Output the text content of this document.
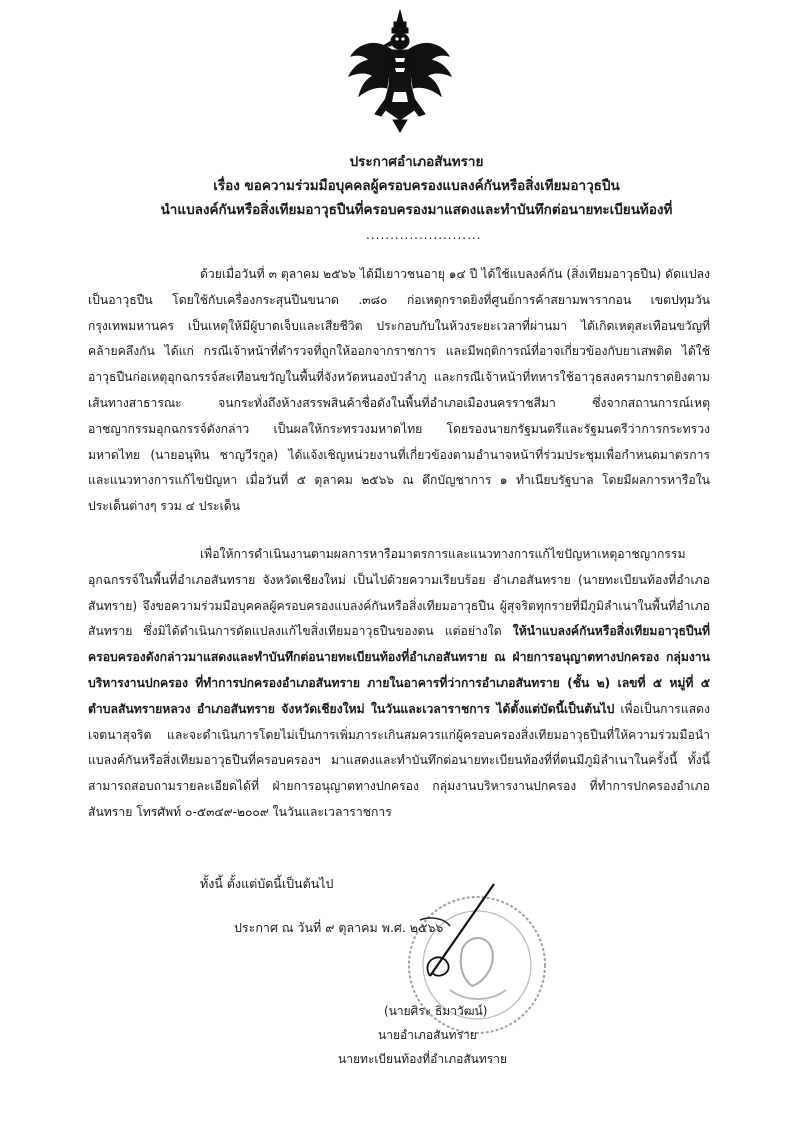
ประกาศอำเภอสันทราย
เรื่อง ขอความร่วมมือบุคคลผู้ครอบครองแบลงค์กันหรือสิ่งเทียมอาวุธปืน
นำแบลงค์กันหรือสิ่งเทียมอาวุธปืนที่ครอบครองมาแสดงและทำบันทึกต่อนายทะเบียนท้องที่
........................
ด้วยเมื่อวันที่ ๓ ตุลาคม ๒๕๖๖ ได้มีเยาวชนอายุ ๑๔ ปี ได้ใช้แบลงค์กัน (สิ่งเทียมอาวุธปืน) ดัดแปลงเป็นอาวุธปืน โดยใช้กับเครื่องกระสุนปืนขนาด .๓๘๐ ก่อเหตุกราดยิงที่ศูนย์การค้าสยามพารากอน เขตปทุมวัน กรุงเทพมหานคร เป็นเหตุให้มีผู้บาดเจ็บและเสียชีวิต ประกอบกับในห้วงระยะเวลาที่ผ่านมา ได้เกิดเหตุสะเทือนขวัญที่คล้ายคลึงกัน ได้แก่ กรณีเจ้าหน้าที่ตำรวจที่ถูกให้ออกจากราชการ และมีพฤติการณ์ที่อาจเกี่ยวข้องกับยาเสพติด ได้ใช้อาวุธปืนก่อเหตุอุกฉกรรจ์สะเทือนขวัญในพื้นที่จังหวัดหนองบัวลำภู และกรณีเจ้าหน้าที่ทหารใช้อาวุธสงครามกราดยิงตามเส้นทางสาธารณะ จนกระทั่งถึงห้างสรรพสินค้าชื่อดังในพื้นที่อำเภอเมืองนครราชสีมา ซึ่งจากสถานการณ์เหตุอาชญากรรมอุกฉกรรจ์ดังกล่าว เป็นผลให้กระทรวงมหาดไทย โดยรองนายกรัฐมนตรีและรัฐมนตรีว่าการกระทรวงมหาดไทย (นายอนุทิน ชาญวีรกูล) ได้แจ้งเชิญหน่วยงานที่เกี่ยวข้องตามอำนาจหน้าที่ร่วมประชุมเพื่อกำหนดมาตรการและแนวทางการแก้ไขปัญหา เมื่อวันที่ ๕ ตุลาคม ๒๕๖๖ ณ ตึกบัญชาการ ๑ ทำเนียบรัฐบาล โดยมีผลการหารือในประเด็นต่างๆ รวม ๔ ประเด็น
เพื่อให้การดำเนินงานตามผลการหารือมาตรการและแนวทางการแก้ไขปัญหาเหตุอาชญากรรมอุกฉกรรจ์ในพื้นที่อำเภอสันทราย จังหวัดเชียงใหม่ เป็นไปด้วยความเรียบร้อย อำเภอสันทราย (นายทะเบียนท้องที่อำเภอสันทราย) จึงขอความร่วมมือบุคคลผู้ครอบครองแบลงค์กันหรือสิ่งเทียมอาวุธปืน ผู้สุจริตทุกรายที่มีภูมิลำเนาในพื้นที่อำเภอสันทราย ซึ่งมิได้ดำเนินการดัดแปลงแก้ไขสิ่งเทียมอาวุธปืนของตน แต่อย่างใด ให้นำแบลงค์กันหรือสิ่งเทียมอาวุธปืนที่ครอบครองดังกล่าวมาแสดงและทำบันทึกต่อนายทะเบียนท้องที่อำเภอสันทราย ณ ฝ่ายการอนุญาตทางปกครอง กลุ่มงานบริหารงานปกครอง ที่ทำการปกครองอำเภอสันทราย ภายในอาคารที่ว่าการอำเภอสันทราย (ชั้น ๒) เลขที่ ๕ หมู่ที่ ๕ ตำบลสันทรายหลวง อำเภอสันทราย จังหวัดเชียงใหม่ ในวันและเวลาราชการ ได้ตั้งแต่บัดนี้เป็นต้นไป เพื่อเป็นการแสดงเจตนาสุจริต และจะดำเนินการโดยไม่เป็นการเพิ่มภาระเกินสมควรแก่ผู้ครอบครองสิ่งเทียมอาวุธปืนที่ให้ความร่วมมือนำแบลงค์กันหรือสิ่งเทียมอาวุธปืนที่ครอบครองฯ มาแสดงและทำบันทึกต่อนายทะเบียนท้องที่ที่ตนมีภูมิลำเนาในครั้งนี้ ทั้งนี้สามารถสอบถามรายละเอียดได้ที่ ฝ่ายการอนุญาตทางปกครอง กลุ่มงานบริหารงานปกครอง ที่ทำการปกครองอำเภอสันทราย โทรศัพท์ ๐-๕๓๔๙-๒๐๐๙ ในวันและเวลาราชการ
ทั้งนี้ ตั้งแต่บัดนี้เป็นต้นไป
ประกาศ ณ วันที่ ๙ ตุลาคม พ.ศ. ๒๕๖๖
(นายศิระ ธิมาวัฒน์)
นายอำเภอสันทราย
นายทะเบียนท้องที่อำเภอสันทราย
